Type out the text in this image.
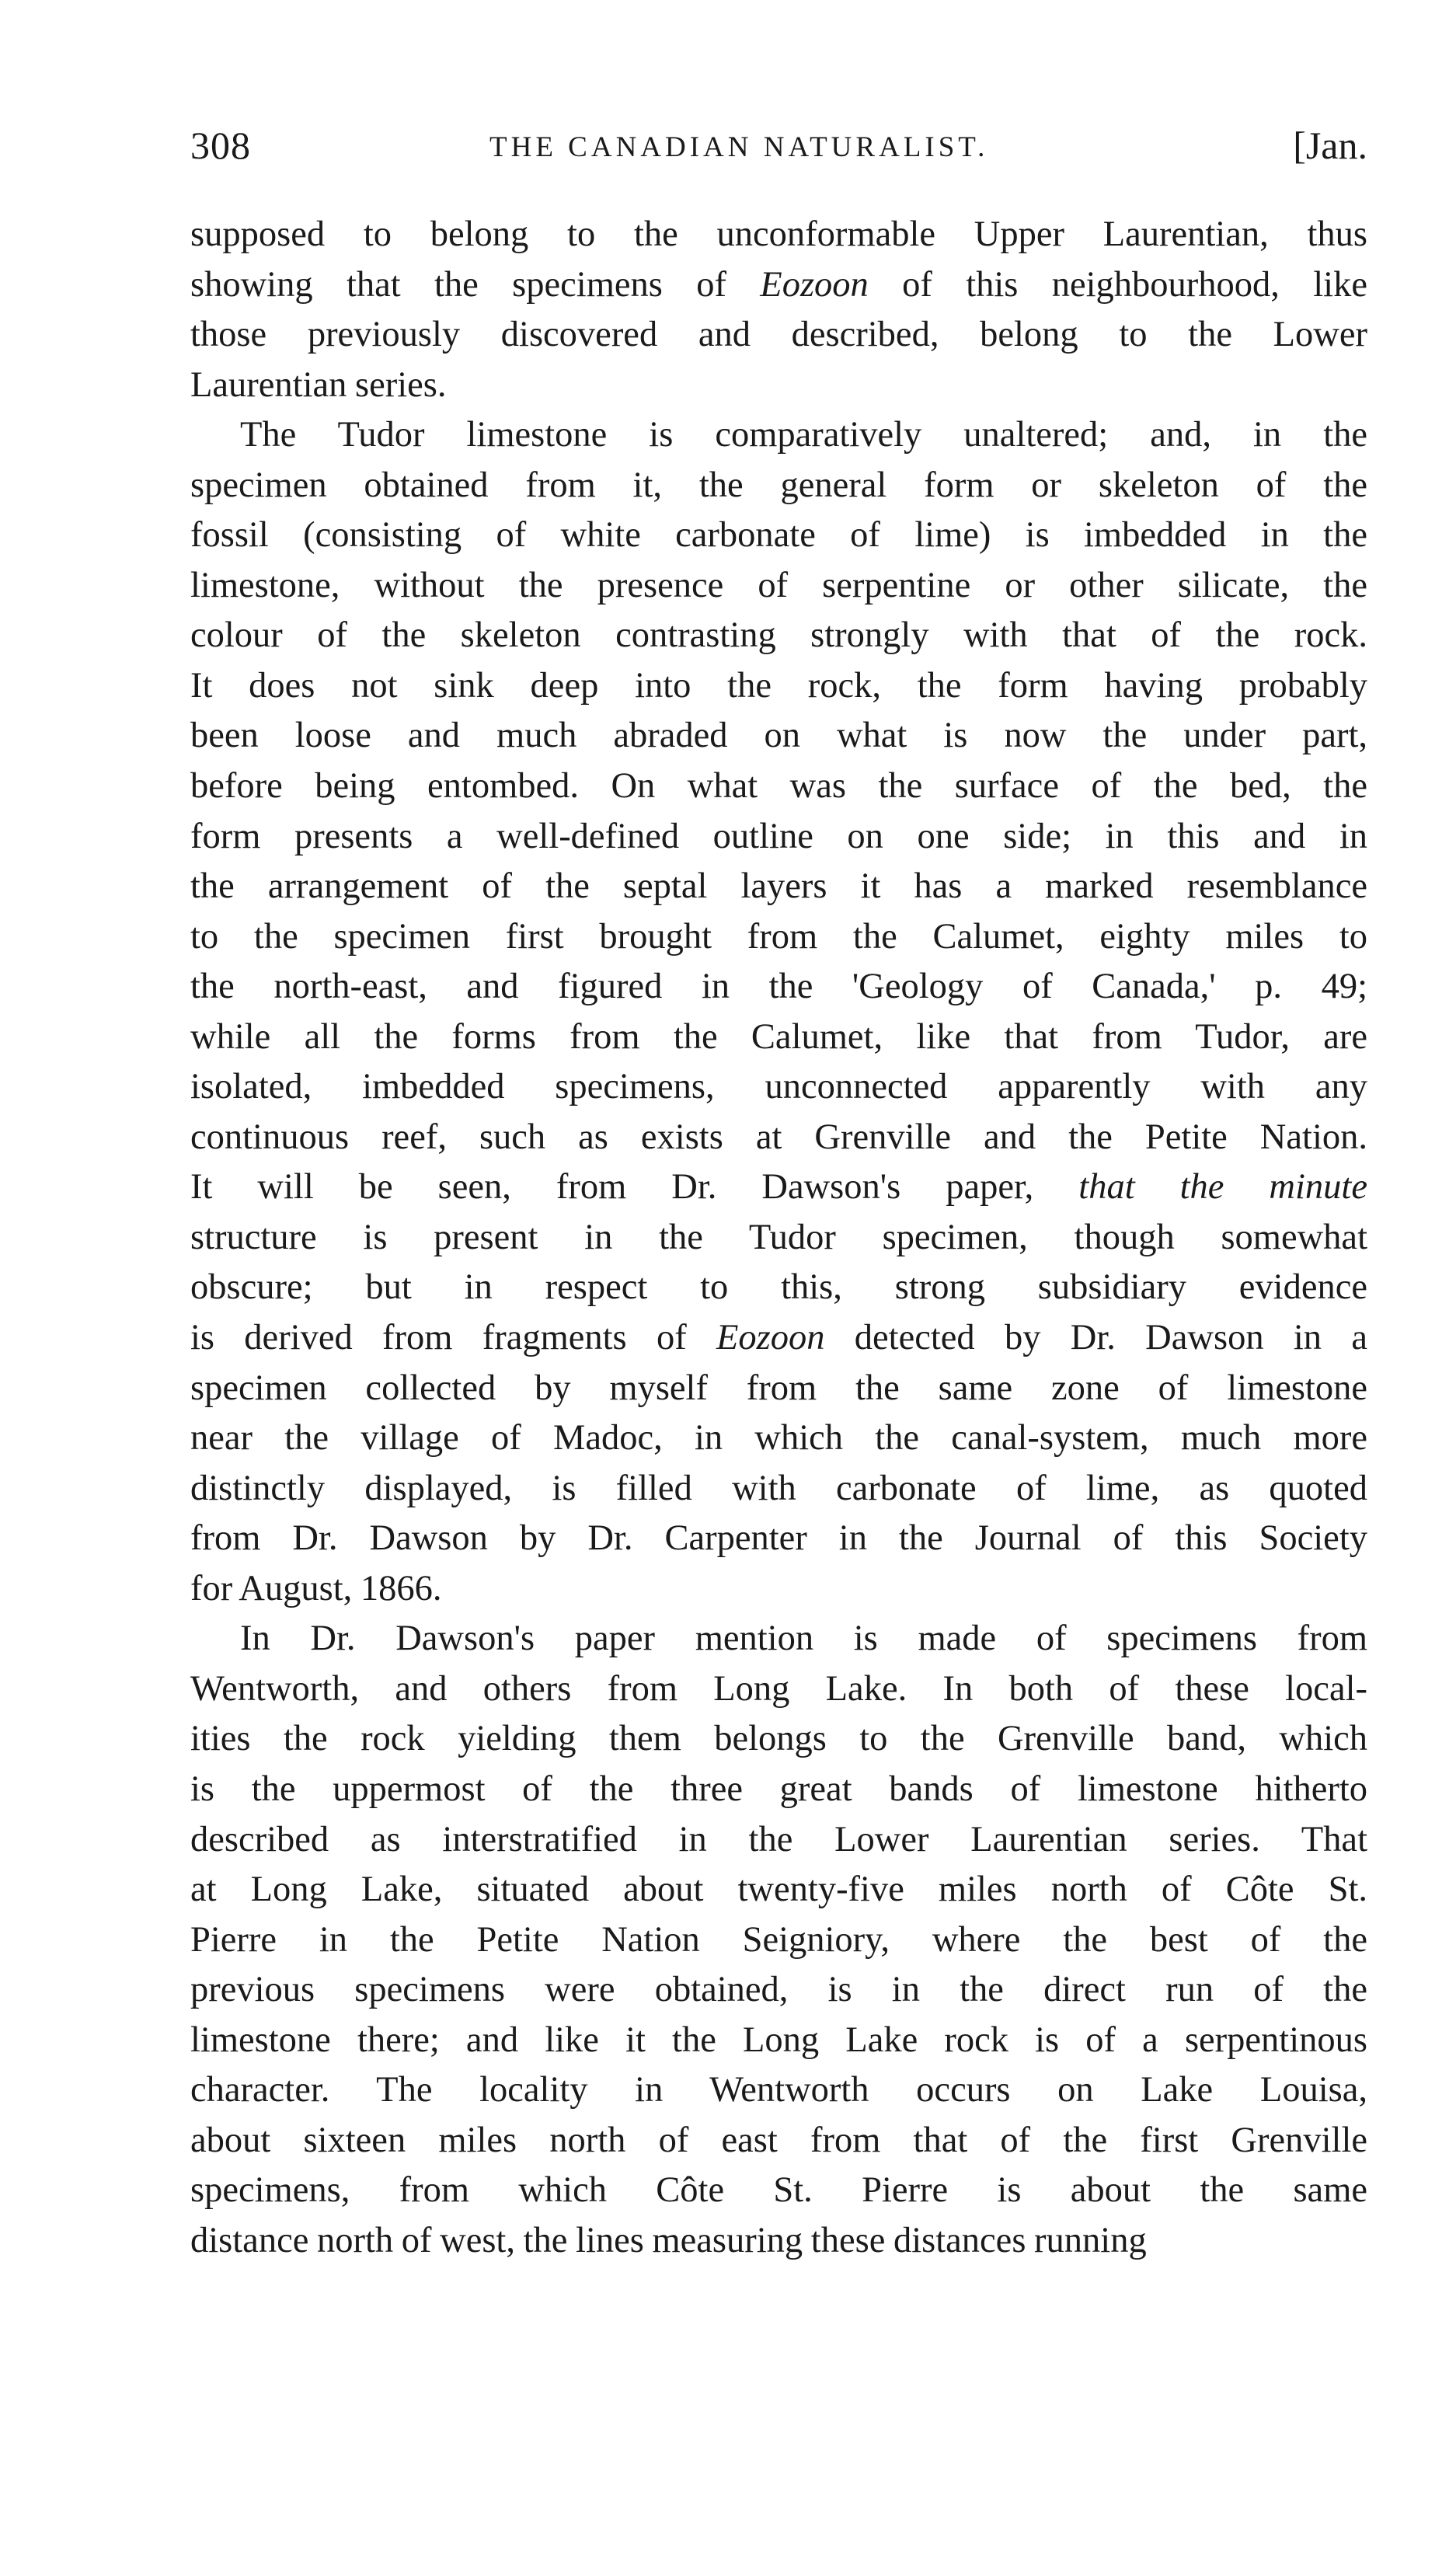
308	THE CANADIAN NATURALIST.	[Jan.

supposed to belong to the unconformable Upper Laurentian, thus
showing that the specimens of Eozoon of this neighbourhood, like
those previously discovered and described, belong to the Lower
Laurentian series.

The Tudor limestone is comparatively unaltered; and, in the
specimen obtained from it, the general form or skeleton of the
fossil (consisting of white carbonate of lime) is imbedded in the
limestone, without the presence of serpentine or other silicate, the
colour of the skeleton contrasting strongly with that of the rock.
It does not sink deep into the rock, the form having probably
been loose and much abraded on what is now the under part,
before being entombed. On what was the surface of the bed, the
form presents a well-defined outline on one side; in this and in
the arrangement of the septal layers it has a marked resemblance
to the specimen first brought from the Calumet, eighty miles to
the north-east, and figured in the 'Geology of Canada,' p. 49;
while all the forms from the Calumet, like that from Tudor, are
isolated, imbedded specimens, unconnected apparently with any
continuous reef, such as exists at Grenville and the Petite Nation.
It will be seen, from Dr. Dawson's paper, that the minute
structure is present in the Tudor specimen, though somewhat
obscure; but in respect to this, strong subsidiary evidence
is derived from fragments of Eozoon detected by Dr. Dawson in a
specimen collected by myself from the same zone of limestone
near the village of Madoc, in which the canal-system, much more
distinctly displayed, is filled with carbonate of lime, as quoted
from Dr. Dawson by Dr. Carpenter in the Journal of this Society
for August, 1866.

In Dr. Dawson's paper mention is made of specimens from
Wentworth, and others from Long Lake. In both of these local-
ities the rock yielding them belongs to the Grenville band, which
is the uppermost of the three great bands of limestone hitherto
described as interstratified in the Lower Laurentian series. That
at Long Lake, situated about twenty-five miles north of Côte St.
Pierre in the Petite Nation Seigniory, where the best of the
previous specimens were obtained, is in the direct run of the
limestone there; and like it the Long Lake rock is of a serpentinous
character. The locality in Wentworth occurs on Lake Louisa,
about sixteen miles north of east from that of the first Grenville
specimens, from which Côte St. Pierre is about the same
distance north of west, the lines measuring these distances running
